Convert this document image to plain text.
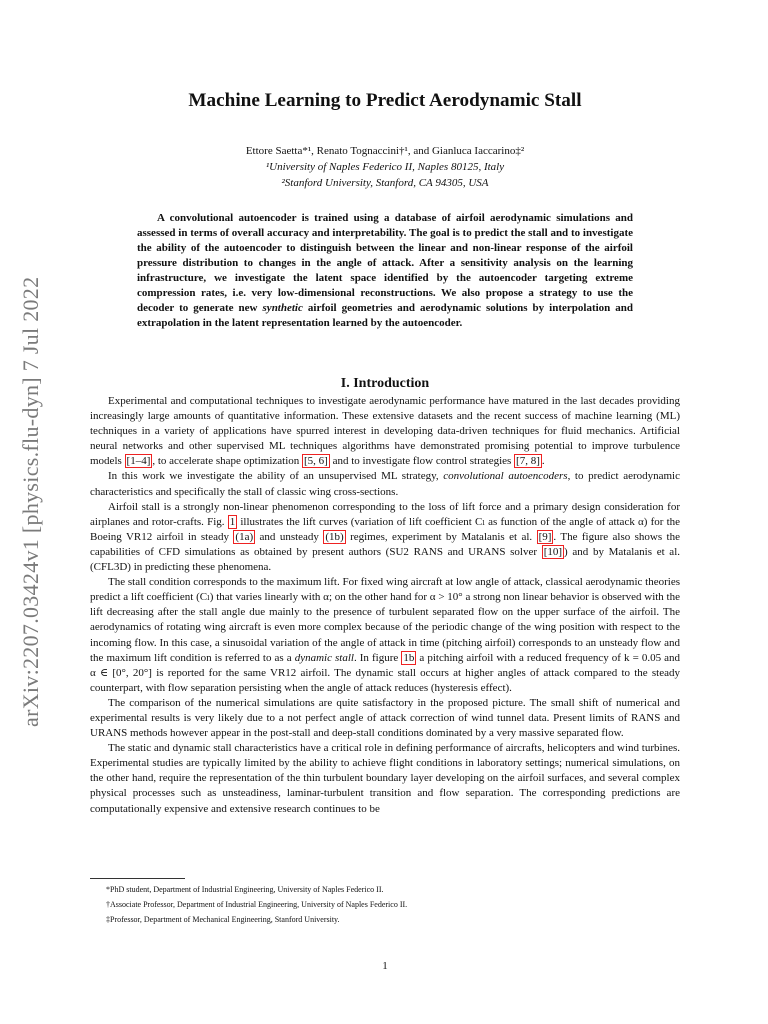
arXiv:2207.03424v1 [physics.flu-dyn] 7 Jul 2022
Machine Learning to Predict Aerodynamic Stall
Ettore Saetta*¹, Renato Tognaccini†¹, and Gianluca Iaccarino‡²
¹University of Naples Federico II, Naples 80125, Italy
²Stanford University, Stanford, CA 94305, USA

A convolutional autoencoder is trained using a database of airfoil aerodynamic simulations and assessed in terms of overall accuracy and interpretability. The goal is to predict the stall and to investigate the ability of the autoencoder to distinguish between the linear and non-linear response of the airfoil pressure distribution to changes in the angle of attack. After a sensitivity analysis on the learning infrastructure, we investigate the latent space identified by the autoencoder targeting extreme compression rates, i.e. very low-dimensional reconstructions. We also propose a strategy to use the decoder to generate new synthetic airfoil geometries and aerodynamic solutions by interpolation and extrapolation in the latent representation learned by the autoencoder.

I. Introduction

Experimental and computational techniques to investigate aerodynamic performance have matured in the last decades providing increasingly large amounts of quantitative information. These extensive datasets and the recent success of machine learning (ML) techniques in a variety of applications have spurred interest in developing data-driven techniques for fluid mechanics. Artificial neural networks and other supervised ML techniques algorithms have demonstrated promising potential to improve turbulence models [1–4] , to accelerate shape optimization [5, 6] and to investigate flow control strategies [7, 8] .

In this work we investigate the ability of an unsupervised ML strategy, convolutional autoencoders, to predict aerodynamic characteristics and specifically the stall of classic wing cross-sections.

Airfoil stall is a strongly non-linear phenomenon corresponding to the loss of lift force and a primary design consideration for airplanes and rotor-crafts. Fig. 1 illustrates the lift curves (variation of lift coefficient Cₗ as function of the angle of attack α) for the Boeing VR12 airfoil in steady (1a) and unsteady (1b) regimes, experiment by Matalanis et al. [9] . The figure also shows the capabilities of CFD simulations as obtained by present authors (SU2 RANS and URANS solver [10] ) and by Matalanis et al. (CFL3D) in predicting these phenomena.

The stall condition corresponds to the maximum lift. For fixed wing aircraft at low angle of attack, classical aerodynamic theories predict a lift coefficient (Cₗ) that varies linearly with α; on the other hand for α > 10° a strong non linear behavior is observed with the lift decreasing after the stall angle due mainly to the presence of turbulent separated flow on the upper surface of the airfoil. The aerodynamics of rotating wing aircraft is even more complex because of the periodic change of the wing position with respect to the incoming flow. In this case, a sinusoidal variation of the angle of attack in time (pitching airfoil) corresponds to an unsteady flow and the maximum lift condition is referred to as a dynamic stall. In figure 1b a pitching airfoil with a reduced frequency of k = 0.05 and α ∈ [0°, 20°] is reported for the same VR12 airfoil. The dynamic stall occurs at higher angles of attack compared to the steady counterpart, with flow separation persisting when the angle of attack reduces (hysteresis effect).

The comparison of the numerical simulations are quite satisfactory in the proposed picture. The small shift of numerical and experimental results is very likely due to a not perfect angle of attack correction of wind tunnel data. Present limits of RANS and URANS methods however appear in the post-stall and deep-stall conditions dominated by a very massive separated flow.

The static and dynamic stall characteristics have a critical role in defining performance of aircrafts, helicopters and wind turbines. Experimental studies are typically limited by the ability to achieve flight conditions in laboratory settings; numerical simulations, on the other hand, require the representation of the thin turbulent boundary layer developing on the airfoil surfaces, and several complex physical processes such as unsteadiness, laminar-turbulent transition and flow separation. The corresponding predictions are computationally expensive and extensive research continues to be

*PhD student, Department of Industrial Engineering, University of Naples Federico II.
†Associate Professor, Department of Industrial Engineering, University of Naples Federico II.
‡Professor, Department of Mechanical Engineering, Stanford University.
1
